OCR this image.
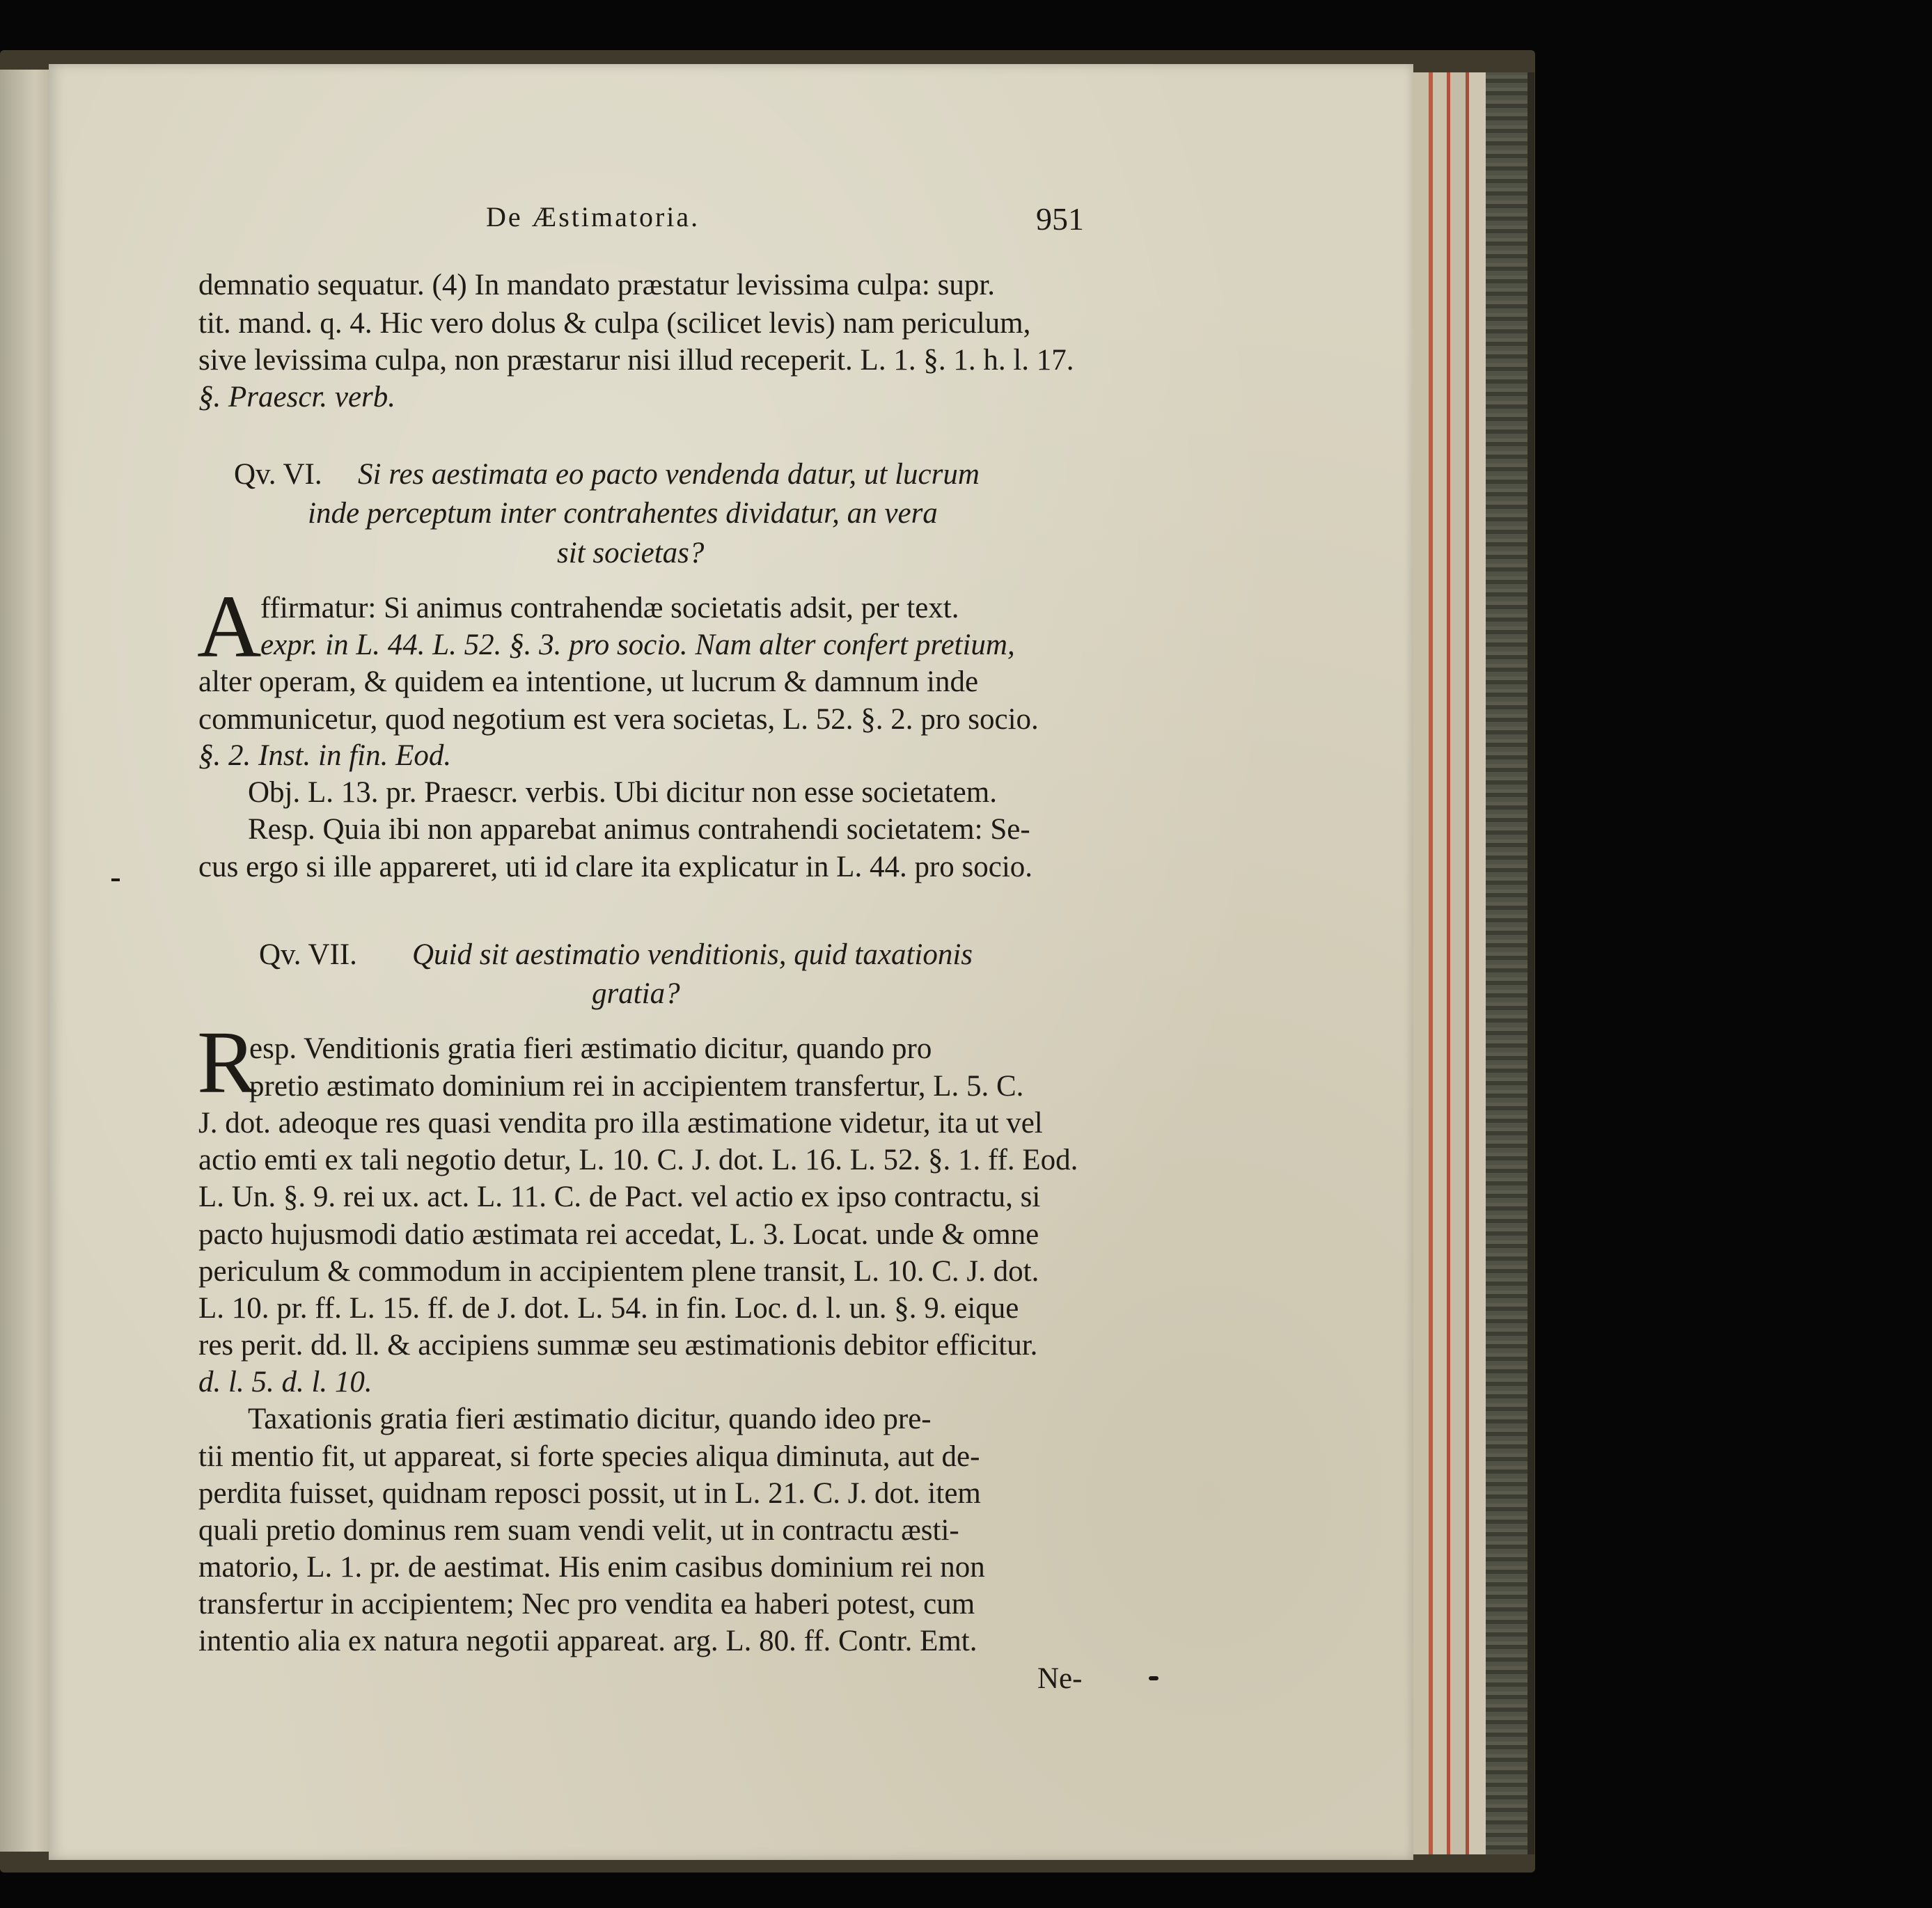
De Æstimatoria.	951
demnatio sequatur. (4) In mandato præstatur levissima culpa: supr.
tit. mand. q. 4. Hic vero dolus & culpa (scilicet levis) nam periculum,
sive levissima culpa, non præstarur nisi illud receperit. L. 1. §. 1. h. l. 17.
§. Praescr. verb.
Qv. VI. Si res aestimata eo pacto vendenda datur, ut lucrum
inde perceptum inter contrahentes dividatur, an vera
sit societas?
A
ffirmatur: Si animus contrahendæ societatis adsit, per text.
expr. in L. 44. L. 52. §. 3. pro socio. Nam alter confert pretium,
alter operam, & quidem ea intentione, ut lucrum & damnum inde
communicetur, quod negotium est vera societas, L. 52. §. 2. pro socio.
§. 2. Inst. in fin. Eod.
Obj. L. 13. pr. Praescr. verbis. Ubi dicitur non esse societatem.
Resp. Quia ibi non apparebat animus contrahendi societatem: Se-
cus ergo si ille appareret, uti id clare ita explicatur in L. 44. pro socio.
Qv. VII. Quid sit aestimatio venditionis, quid taxationis
gratia?
R
esp. Venditionis gratia fieri æstimatio dicitur, quando pro
pretio æstimato dominium rei in accipientem transfertur, L. 5. C.
J. dot. adeoque res quasi vendita pro illa æstimatione videtur, ita ut vel
actio emti ex tali negotio detur, L. 10. C. J. dot. L. 16. L. 52. §. 1. ff. Eod.
L. Un. §. 9. rei ux. act. L. 11. C. de Pact. vel actio ex ipso contractu, si
pacto hujusmodi datio æstimata rei accedat, L. 3. Locat. unde & omne
periculum & commodum in accipientem plene transit, L. 10. C. J. dot.
L. 10. pr. ff. L. 15. ff. de J. dot. L. 54. in fin. Loc. d. l. un. §. 9. eique
res perit. dd. ll. & accipiens summæ seu æstimationis debitor efficitur.
d. l. 5. d. l. 10.
Taxationis gratia fieri æstimatio dicitur, quando ideo pre-
tii mentio fit, ut appareat, si forte species aliqua diminuta, aut de-
perdita fuisset, quidnam reposci possit, ut in L. 21. C. J. dot. item
quali pretio dominus rem suam vendi velit, ut in contractu æsti-
matorio, L. 1. pr. de aestimat. His enim casibus dominium rei non
transfertur in accipientem; Nec pro vendita ea haberi potest, cum
intentio alia ex natura negotii appareat. arg. L. 80. ff. Contr. Emt.
Ne-
